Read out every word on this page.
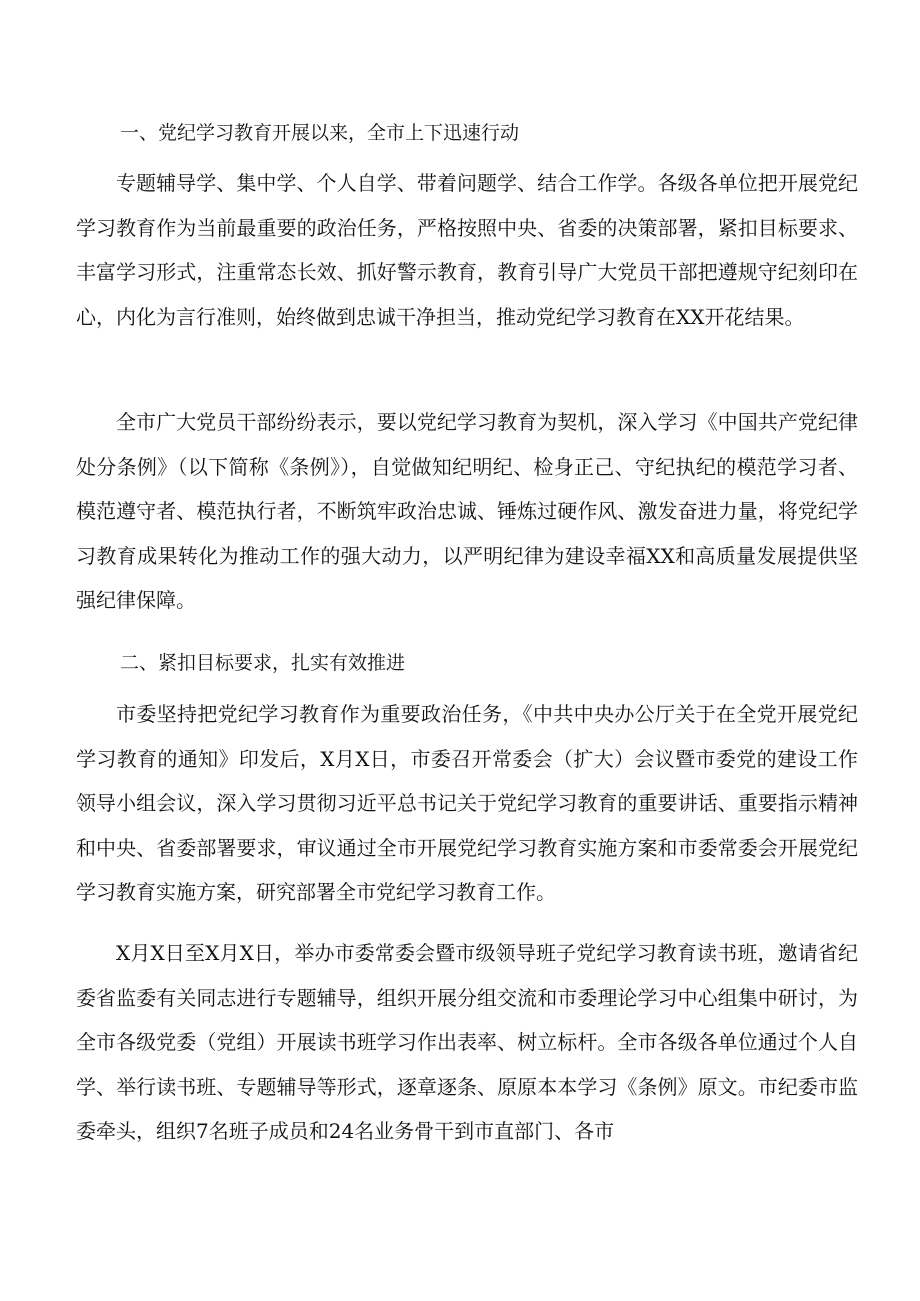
一、党纪学习教育开展以来，全市上下迅速行动

专题辅导学、集中学、个人自学、带着问题学、结合工作学。各级各单位把开展党纪学习教育作为当前最重要的政治任务，严格按照中央、省委的决策部署，紧扣目标要求、丰富学习形式，注重常态长效、抓好警示教育，教育引导广大党员干部把遵规守纪刻印在心，内化为言行准则，始终做到忠诚干净担当，推动党纪学习教育在XX开花结果。

全市广大党员干部纷纷表示，要以党纪学习教育为契机，深入学习《中国共产党纪律处分条例》（以下简称《条例》），自觉做知纪明纪、检身正己、守纪执纪的模范学习者、模范遵守者、模范执行者，不断筑牢政治忠诚、锤炼过硬作风、激发奋进力量，将党纪学习教育成果转化为推动工作的强大动力，以严明纪律为建设幸福XX和高质量发展提供坚强纪律保障。

二、紧扣目标要求，扎实有效推进

市委坚持把党纪学习教育作为重要政治任务，《中共中央办公厅关于在全党开展党纪学习教育的通知》印发后，X月X日，市委召开常委会（扩大）会议暨市委党的建设工作领导小组会议，深入学习贯彻习近平总书记关于党纪学习教育的重要讲话、重要指示精神和中央、省委部署要求，审议通过全市开展党纪学习教育实施方案和市委常委会开展党纪学习教育实施方案，研究部署全市党纪学习教育工作。

X月X日至X月X日，举办市委常委会暨市级领导班子党纪学习教育读书班，邀请省纪委省监委有关同志进行专题辅导，组织开展分组交流和市委理论学习中心组集中研讨，为全市各级党委（党组）开展读书班学习作出表率、树立标杆。全市各级各单位通过个人自学、举行读书班、专题辅导等形式，逐章逐条、原原本本学习《条例》原文。市纪委市监委牵头，组织7名班子成员和24名业务骨干到市直部门、各市
